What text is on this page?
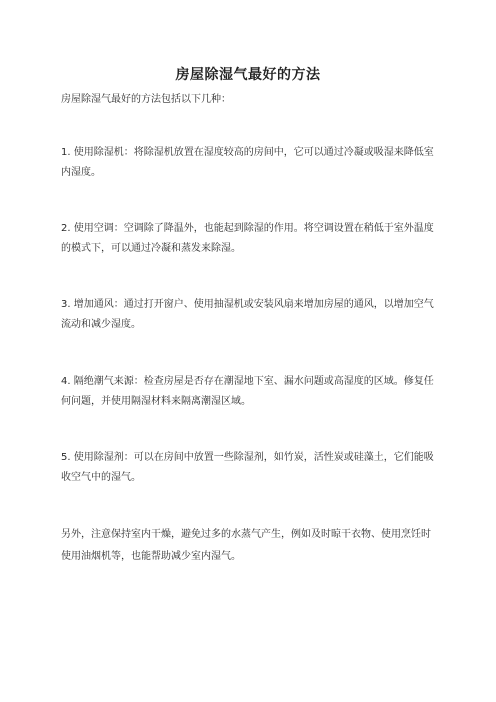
房屋除湿气最好的方法

房屋除湿气最好的方法包括以下几种：

1. 使用除湿机：将除湿机放置在湿度较高的房间中，它可以通过冷凝或吸湿来降低室内湿度。

2. 使用空调：空调除了降温外，也能起到除湿的作用。将空调设置在稍低于室外温度的模式下，可以通过冷凝和蒸发来除湿。

3. 增加通风：通过打开窗户、使用抽湿机或安装风扇来增加房屋的通风，以增加空气流动和减少湿度。

4. 隔绝潮气来源：检查房屋是否存在潮湿地下室、漏水问题或高湿度的区域。修复任何问题，并使用隔湿材料来隔离潮湿区域。

5. 使用除湿剂：可以在房间中放置一些除湿剂，如竹炭，活性炭或硅藻土，它们能吸收空气中的湿气。

另外，注意保持室内干燥，避免过多的水蒸气产生，例如及时晾干衣物、使用烹饪时使用油烟机等，也能帮助减少室内湿气。
